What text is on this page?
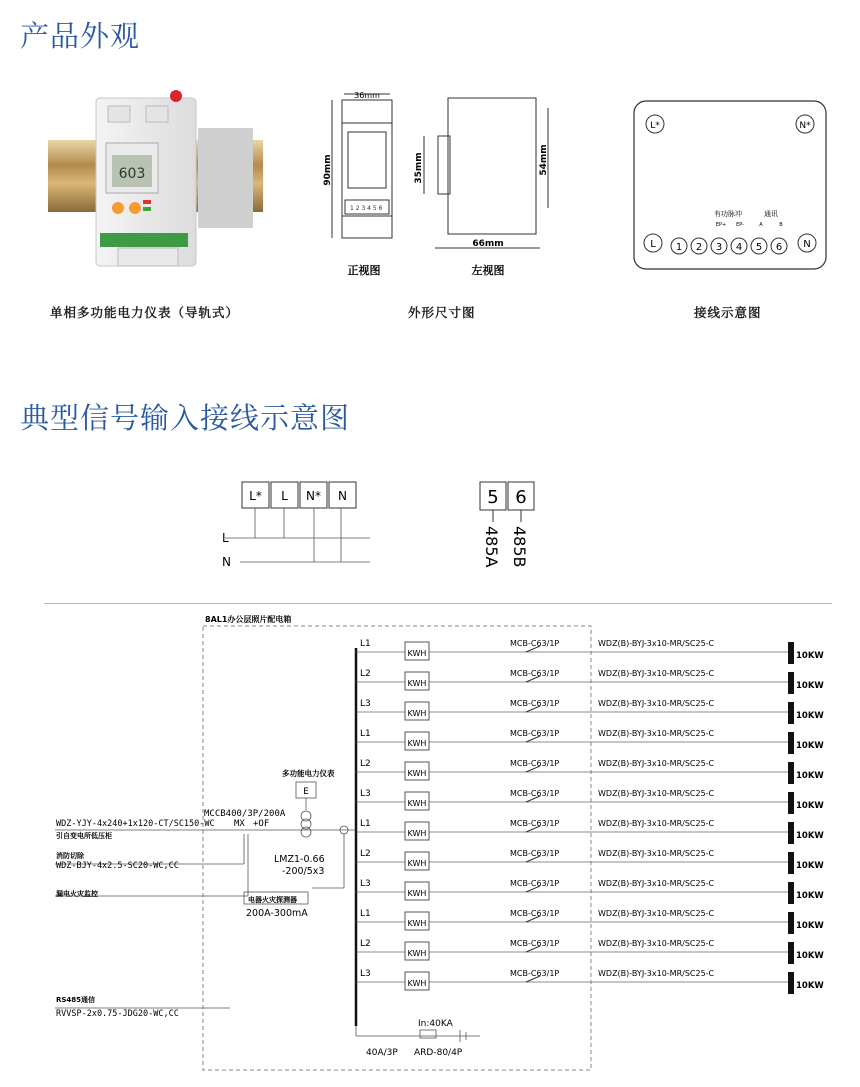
产品外观
603
单相多功能电力仪表（导轨式）
36mm
90mm
1 2 3 4 5 6
35mm	54mm
66mm
正视图	左视图
外形尺寸图
L*	N*
有功脉冲
EP+ EP-
通讯
A	B
L	N
1 2 3 4 5 6
接线示意图
典型信号输入接线示意图
L* L N* N
L
N
5
485A
6
485B
8AL1办公层照片配电箱
L1
KWH
MCB-C63/1P	WDZ(B)-BYJ-3x10-MR/SC25-C
10KW
L2
KWH
MCB-C63/1P	WDZ(B)-BYJ-3x10-MR/SC25-C
10KW
L3
KWH
MCB-C63/1P	WDZ(B)-BYJ-3x10-MR/SC25-C
10KW
L1
KWH
MCB-C63/1P	WDZ(B)-BYJ-3x10-MR/SC25-C
10KW
L2
KWH
MCB-C63/1P	WDZ(B)-BYJ-3x10-MR/SC25-C
10KW
L3
KWH
MCB-C63/1P	WDZ(B)-BYJ-3x10-MR/SC25-C
10KW
L1
KWH
MCB-C63/1P	WDZ(B)-BYJ-3x10-MR/SC25-C
10KW
L2
KWH
MCB-C63/1P	WDZ(B)-BYJ-3x10-MR/SC25-C
10KW
L3
KWH
MCB-C63/1P	WDZ(B)-BYJ-3x10-MR/SC25-C
10KW
L1
KWH
MCB-C63/1P	WDZ(B)-BYJ-3x10-MR/SC25-C
10KW
L2
KWH
MCB-C63/1P	WDZ(B)-BYJ-3x10-MR/SC25-C
10KW
L3
KWH
MCB-C63/1P	WDZ(B)-BYJ-3x10-MR/SC25-C
10KW
多功能电力仪表
E
MCCB400/3P/200A
MX +OF
WDZ-YJY-4x240+1x120-CT/SC150-WC
引自变电所低压柜
消防切除
WDZ-BJY-4x2.5-SC20-WC,CC
漏电火灾监控
LMZ1-0.66
-200/5x3
电器火灾探测器
200A-300mA
RS485通信
RVVSP-2x0.75-JDG20-WC,CC
In:40KA
40A/3P ARD-80/4P
